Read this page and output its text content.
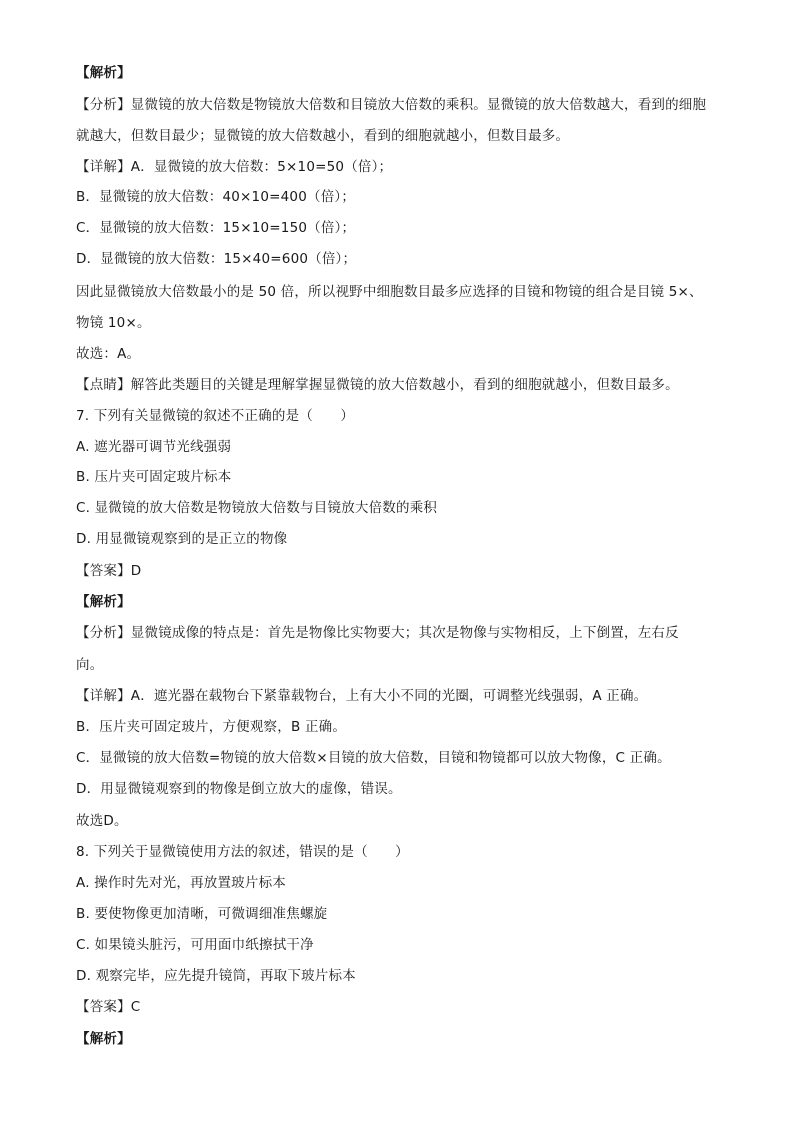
【解析】
【分析】显微镜的放大倍数是物镜放大倍数和目镜放大倍数的乘积。显微镜的放大倍数越大，看到的细胞
就越大，但数目最少；显微镜的放大倍数越小，看到的细胞就越小，但数目最多。
【详解】A．显微镜的放大倍数：5×10=50（倍）；
B．显微镜的放大倍数：40×10=400（倍）；
C．显微镜的放大倍数：15×10=150（倍）；
D．显微镜的放大倍数：15×40=600（倍）；
因此显微镜放大倍数最小的是 50 倍，所以视野中细胞数目最多应选择的目镜和物镜的组合是目镜 5×、
物镜 10×。
故选：A。
【点睛】解答此类题目的关键是理解掌握显微镜的放大倍数越小，看到的细胞就越小，但数目最多。
7. 下列有关显微镜的叙述不正确的是（　　）
A. 遮光器可调节光线强弱
B. 压片夹可固定玻片标本
C. 显微镜的放大倍数是物镜放大倍数与目镜放大倍数的乘积
D. 用显微镜观察到的是正立的物像
【答案】D
【解析】
【分析】显微镜成像的特点是：首先是物像比实物要大；其次是物像与实物相反，上下倒置，左右反
向。
【详解】A．遮光器在载物台下紧靠载物台，上有大小不同的光圈，可调整光线强弱，A 正确。
B．压片夹可固定玻片，方便观察，B 正确。
C．显微镜的放大倍数=物镜的放大倍数×目镜的放大倍数，目镜和物镜都可以放大物像，C 正确。
D．用显微镜观察到的物像是倒立放大的虚像，错误。
故选D。
8. 下列关于显微镜使用方法的叙述，错误的是（　　）
A. 操作时先对光，再放置玻片标本
B. 要使物像更加清晰，可微调细准焦螺旋
C. 如果镜头脏污，可用面巾纸擦拭干净
D. 观察完毕，应先提升镜筒，再取下玻片标本
【答案】C
【解析】
